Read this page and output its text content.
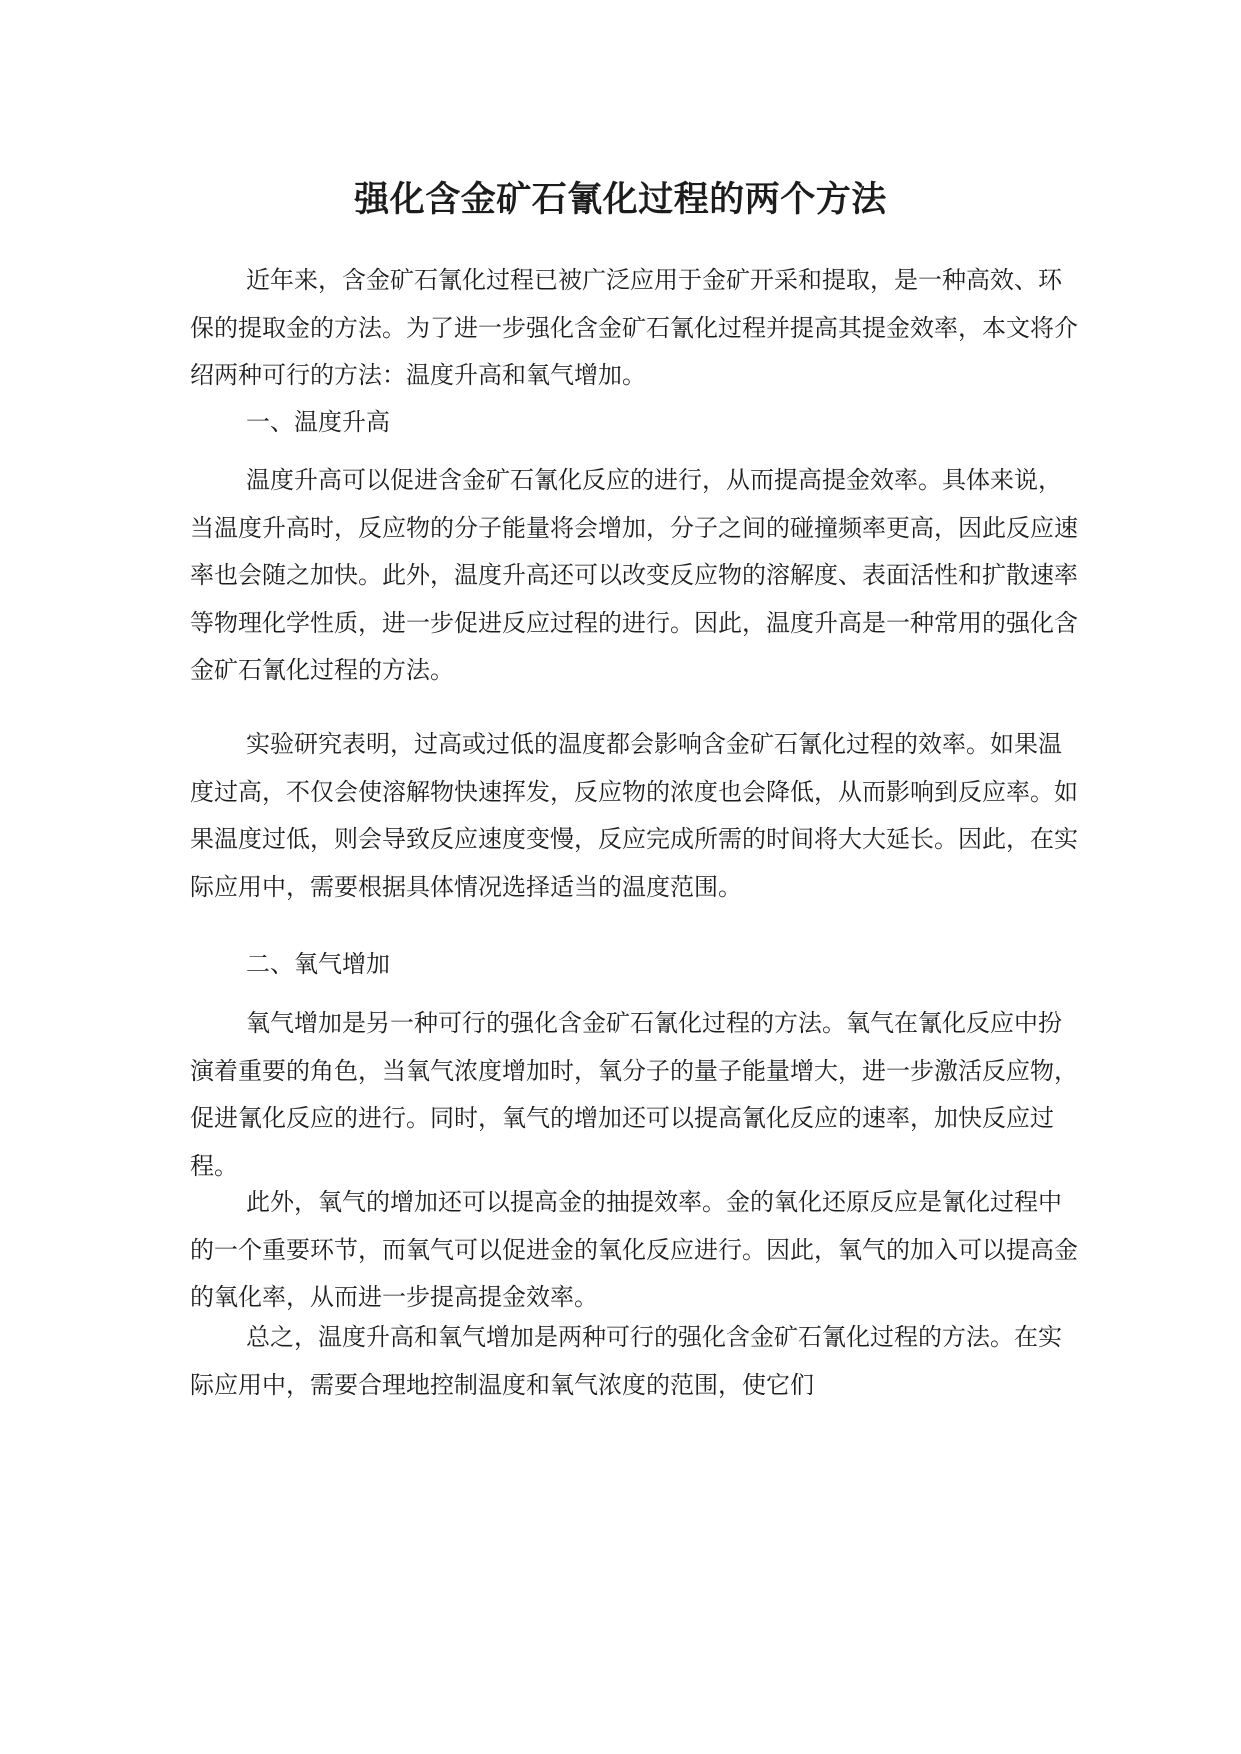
强化含金矿石氰化过程的两个方法

近年来，含金矿石氰化过程已被广泛应用于金矿开采和提取，是一种高效、环保的提取金的方法。为了进一步强化含金矿石氰化过程并提高其提金效率，本文将介绍两种可行的方法：温度升高和氧气增加。

一、温度升高

温度升高可以促进含金矿石氰化反应的进行，从而提高提金效率。具体来说，当温度升高时，反应物的分子能量将会增加，分子之间的碰撞频率更高，因此反应速率也会随之加快。此外，温度升高还可以改变反应物的溶解度、表面活性和扩散速率等物理化学性质，进一步促进反应过程的进行。因此，温度升高是一种常用的强化含金矿石氰化过程的方法。

实验研究表明，过高或过低的温度都会影响含金矿石氰化过程的效率。如果温度过高，不仅会使溶解物快速挥发，反应物的浓度也会降低，从而影响到反应率。如果温度过低，则会导致反应速度变慢，反应完成所需的时间将大大延长。因此，在实际应用中，需要根据具体情况选择适当的温度范围。

二、氧气增加

氧气增加是另一种可行的强化含金矿石氰化过程的方法。氧气在氰化反应中扮演着重要的角色，当氧气浓度增加时，氧分子的量子能量增大，进一步激活反应物，促进氰化反应的进行。同时，氧气的增加还可以提高氰化反应的速率，加快反应过程。

此外，氧气的增加还可以提高金的抽提效率。金的氧化还原反应是氰化过程中的一个重要环节，而氧气可以促进金的氧化反应进行。因此，氧气的加入可以提高金的氧化率，从而进一步提高提金效率。

总之，温度升高和氧气增加是两种可行的强化含金矿石氰化过程的方法。在实际应用中，需要合理地控制温度和氧气浓度的范围，使它们
